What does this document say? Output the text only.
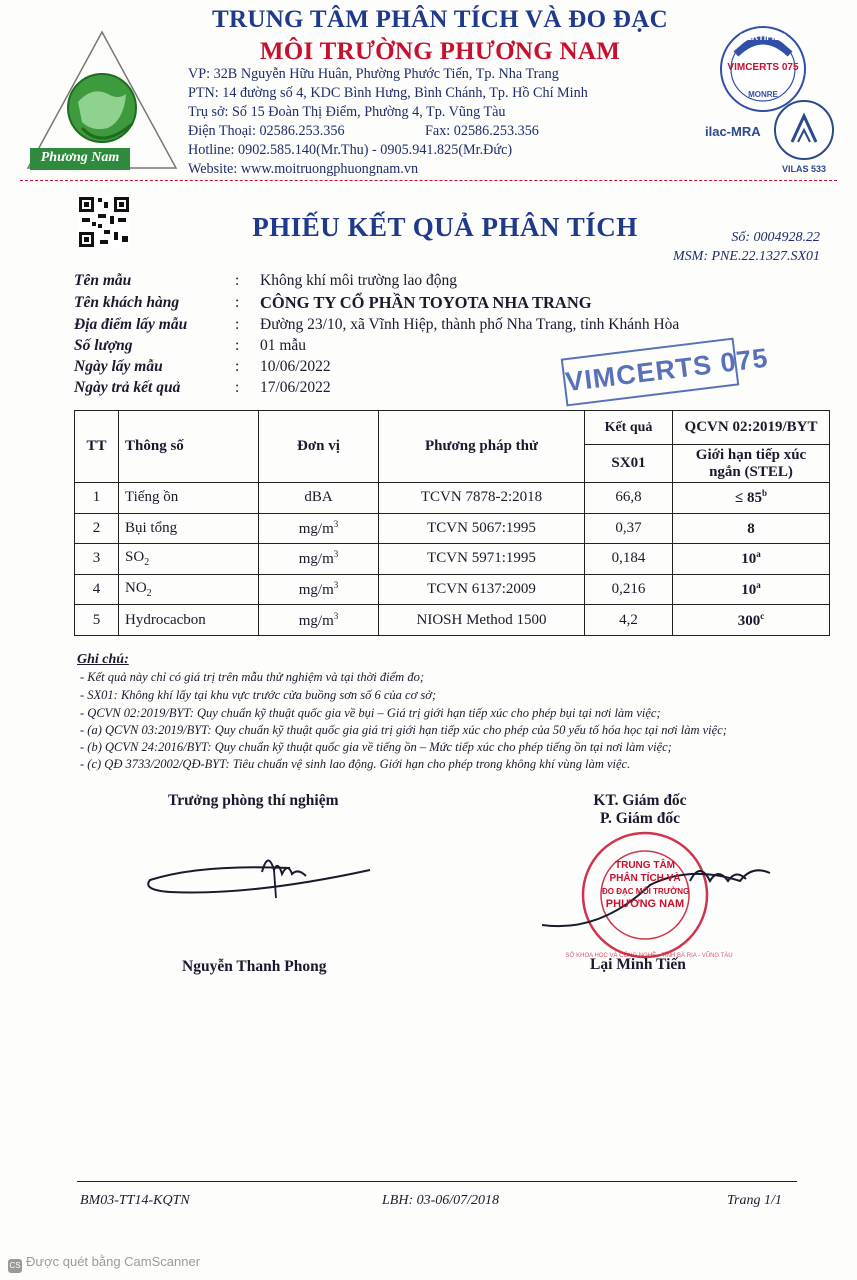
Phương Nam
TRUNG TÂM PHÂN TÍCH VÀ ĐO ĐẠC
MÔI TRƯỜNG PHƯƠNG NAM
VP: 32B Nguyễn Hữu Huân, Phường Phước Tiến, Tp. Nha Trang
PTN: 14 đường số 4, KDC Bình Hưng, Bình Chánh, Tp. Hồ Chí Minh
Trụ sở: Số 15 Đoàn Thị Điểm, Phường 4, Tp. Vũng Tàu
Điện Thoại: 02586.253.356	Fax: 02586.253.356
Hotline: 0902.585.140(Mr.Thu) - 0905.941.825(Mr.Đức)
Website: www.moitruongphuongnam.vn
CERTIFIED
VIMCERTS 075
MONRE
ilac-MRA
VILAS 533
PHIẾU KẾT QUẢ PHÂN TÍCH	Số: 0004928.22
MSM: PNE.22.1327.SX01
Tên mẫu	: Không khí môi trường lao động
Tên khách hàng	: CÔNG TY CỔ PHẦN TOYOTA NHA TRANG
Địa điểm lấy mẫu	: Đường 23/10, xã Vĩnh Hiệp, thành phố Nha Trang, tỉnh Khánh Hòa
Số lượng	: 01 mẫu
Ngày lấy mẫu	: 10/06/2022
Ngày trả kết quả	: 17/06/2022	VIMCERTS 075
TT	Thông số	Đơn vị	Phương pháp thử	Kết quả	QCVN 02:2019/BYT
				SX01	Giới hạn tiếp xúc ngắn (STEL)
1	Tiếng ồn	dBA	TCVN 7878-2:2018	66,8	≤ $85^b$
2	Bụi tổng	$mg/m^3$	TCVN 5067:1995	0,37	8
3	$SO_2$	$mg/m^3$	TCVN 5971:1995	0,184	10$^a$
4	$NO_2$	$mg/m^3$	TCVN 6137:2009	0,216	10$^a$
5	Hydrocacbon	$mg/m^3$	NIOSH Method 1500	4,2	300$^c$
Ghi chú:
- Kết quả này chỉ có giá trị trên mẫu thử nghiệm và tại thời điểm đo;
- SX01: Không khí lấy tại khu vực trước cửa buồng sơn số 6 của cơ sở;
- QCVN 02:2019/BYT: Quy chuẩn kỹ thuật quốc gia về bụi – Giá trị giới hạn tiếp xúc cho phép bụi tại nơi làm việc;
- (a) QCVN 03:2019/BYT: Quy chuẩn kỹ thuật quốc gia giá trị giới hạn tiếp xúc cho phép của 50 yếu tố hóa học tại nơi làm việc;
- (b) QCVN 24:2016/BYT: Quy chuẩn kỹ thuật quốc gia về tiếng ồn – Mức tiếp xúc cho phép tiếng ồn tại nơi làm việc;
- (c) QĐ 3733/2002/QĐ-BYT: Tiêu chuẩn vệ sinh lao động. Giới hạn cho phép trong không khí vùng làm việc.
Trưởng phòng thí nghiệm	KT. Giám đốc
P. Giám đốc
TRUNG TÂM
PHÂN TÍCH VÀ
ĐO ĐẠC MÔI TRƯỜNG
PHƯƠNG NAM
SỞ KHOA HỌC VÀ CÔNG NGHỆ · TỈNH BÀ RỊA - VŨNG TÀU
Nguyễn Thanh Phong	Lại Minh Tiến
BM03-TT14-KQTN	LBH: 03-06/07/2018	Trang 1/1
CS Được quét bằng CamScanner
